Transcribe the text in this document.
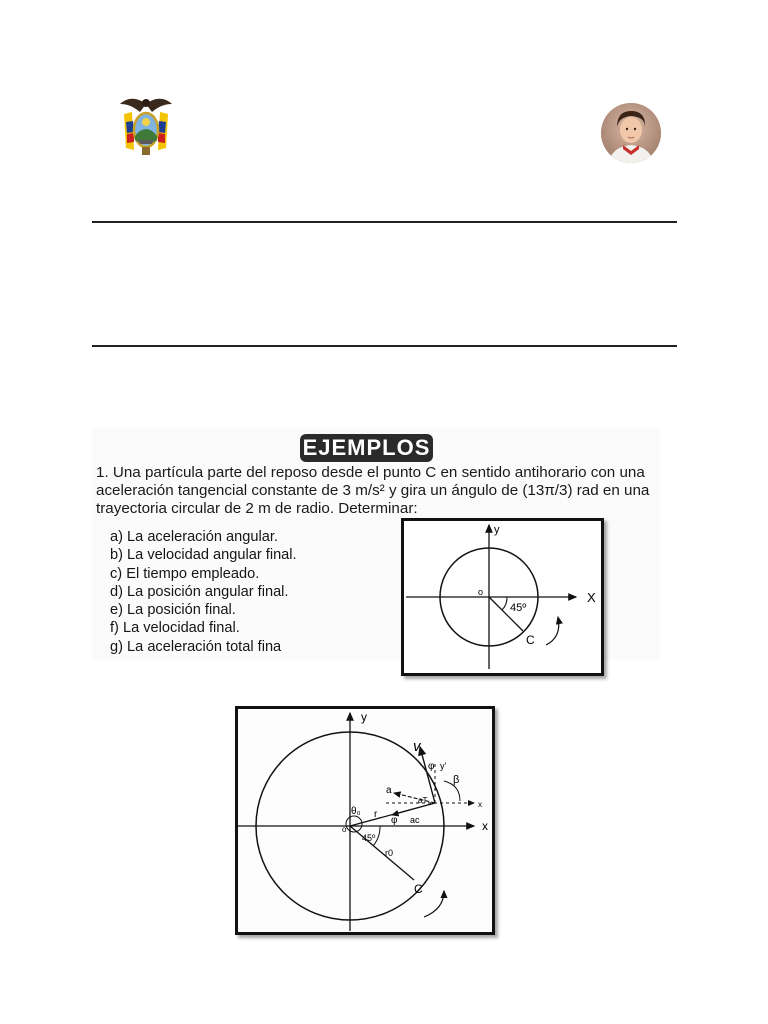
EJEMPLOS

1. Una partícula parte del reposo desde el punto C en sentido antihorario con una

aceleración tangencial constante de 3 m/s² y gira un ángulo de (13π/3) rad en una

trayectoria circular de 2 m de radio. Determinar:

a) La aceleración angular.
b) La velocidad angular final.
c) El tiempo empleado.
d) La posición angular final.
e) La posición final.
f) La velocidad final.
g) La aceleración total fina
y
X
o
45º
C
y
x
x
y'
v
φ
β
a
aT
ac
r
θ₀
o
φ
45º
r0
C
